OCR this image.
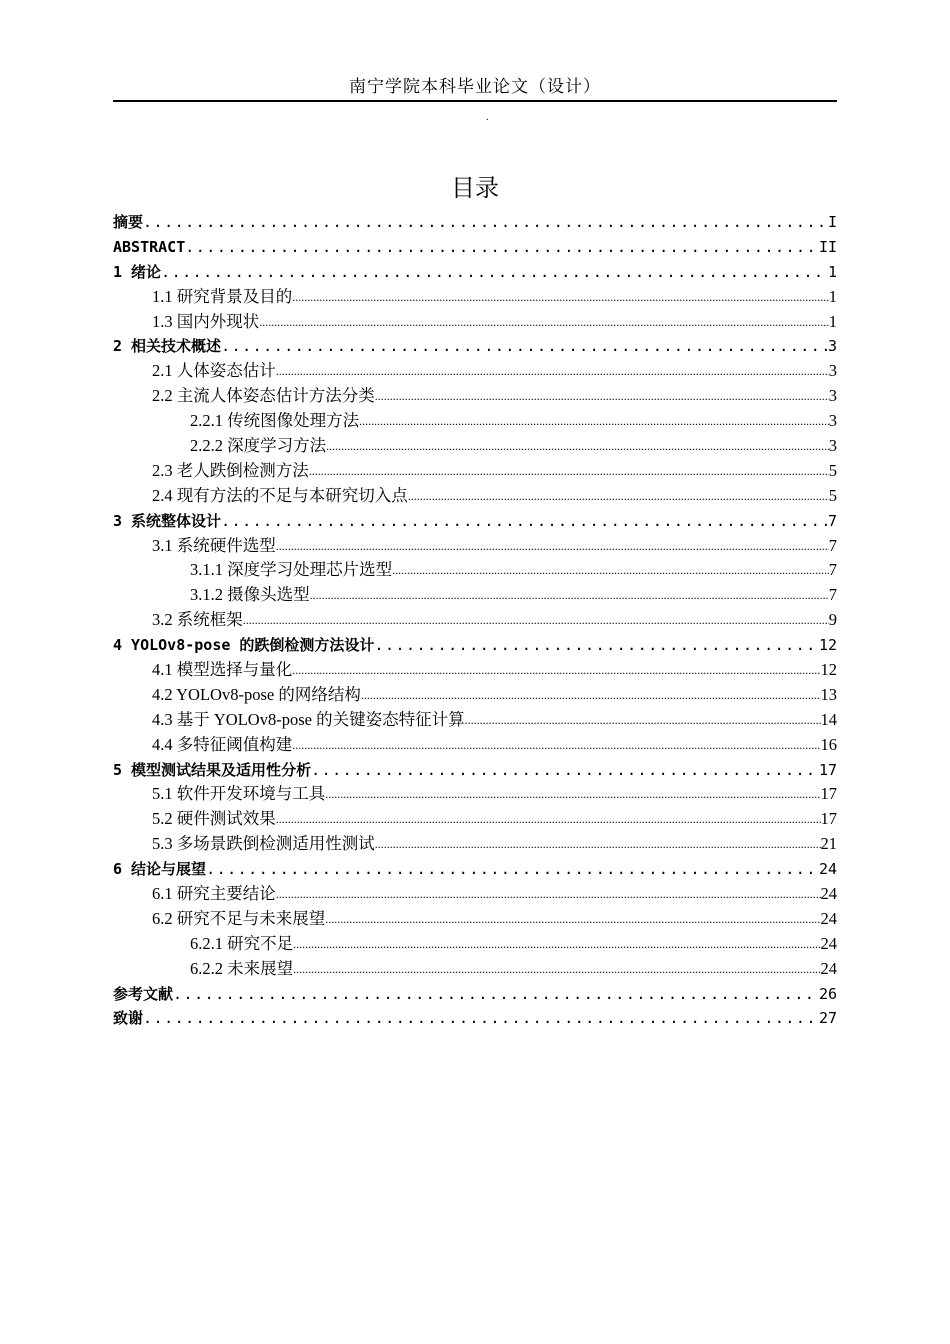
南宁学院本科毕业论文（设计）
.
目录
摘要 .....	I
ABSTRACT .....	II
1 绪论 .....	1
1.1 研究背景及目的 .....	1
1.3 国内外现状 .....	1
2 相关技术概述 .....	3
2.1 人体姿态估计 .....	3
2.2 主流人体姿态估计方法分类 .....	3
2.2.1 传统图像处理方法 .....	3
2.2.2 深度学习方法 .....	3
2.3 老人跌倒检测方法 .....	5
2.4 现有方法的不足与本研究切入点 .....	5
3 系统整体设计 .....	7
3.1 系统硬件选型 .....	7
3.1.1 深度学习处理芯片选型 .....	7
3.1.2 摄像头选型 .....	7
3.2 系统框架 .....	9
4 YOLOv8-pose 的跌倒检测方法设计 .....	12
4.1 模型选择与量化 .....	12
4.2 YOLOv8-pose 的网络结构 .....	13
4.3 基于 YOLOv8-pose 的关键姿态特征计算 .....	14
4.4 多特征阈值构建 .....	16
5 模型测试结果及适用性分析 .....	17
5.1 软件开发环境与工具 .....	17
5.2 硬件测试效果 .....	17
5.3 多场景跌倒检测适用性测试 .....	21
6 结论与展望 .....	24
6.1 研究主要结论 .....	24
6.2 研究不足与未来展望 .....	24
6.2.1 研究不足 .....	24
6.2.2 未来展望 .....	24
参考文献 .....	26
致谢 .....	27
